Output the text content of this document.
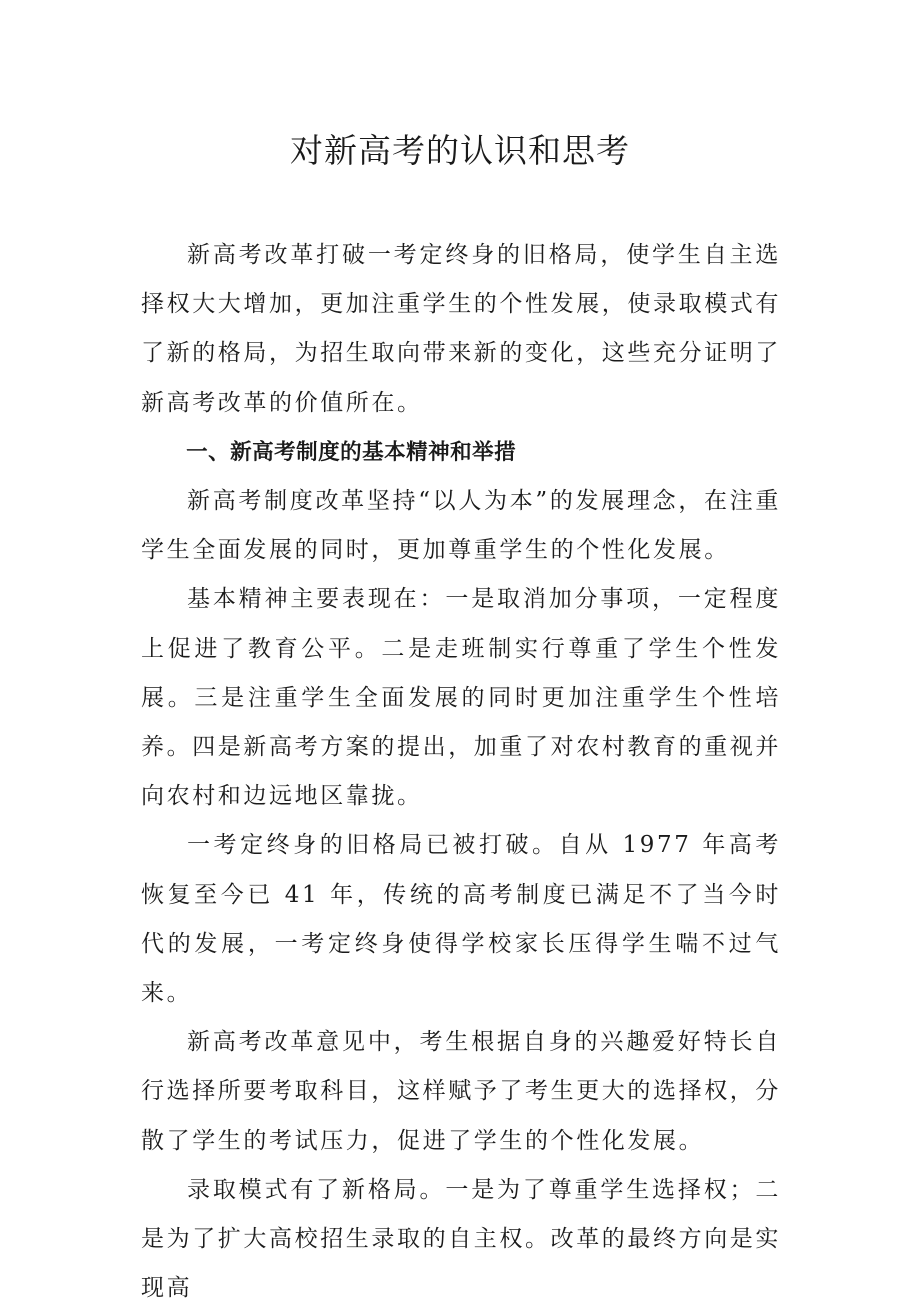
对新高考的认识和思考

新高考改革打破一考定终身的旧格局，使学生自主选择权大大增加，更加注重学生的个性发展，使录取模式有了新的格局，为招生取向带来新的变化，这些充分证明了新高考改革的价值所在。

一、新高考制度的基本精神和举措

新高考制度改革坚持“以人为本”的发展理念，在注重学生全面发展的同时，更加尊重学生的个性化发展。

基本精神主要表现在：一是取消加分事项，一定程度上促进了教育公平。二是走班制实行尊重了学生个性发展。三是注重学生全面发展的同时更加注重学生个性培养。四是新高考方案的提出，加重了对农村教育的重视并向农村和边远地区靠拢。

一考定终身的旧格局已被打破。自从 1977 年高考恢复至今已 41 年，传统的高考制度已满足不了当今时代的发展，一考定终身使得学校家长压得学生喘不过气来。

新高考改革意见中，考生根据自身的兴趣爱好特长自行选择所要考取科目，这样赋予了考生更大的选择权，分散了学生的考试压力，促进了学生的个性化发展。

录取模式有了新格局。一是为了尊重学生选择权；二是为了扩大高校招生录取的自主权。改革的最终方向是实现高
